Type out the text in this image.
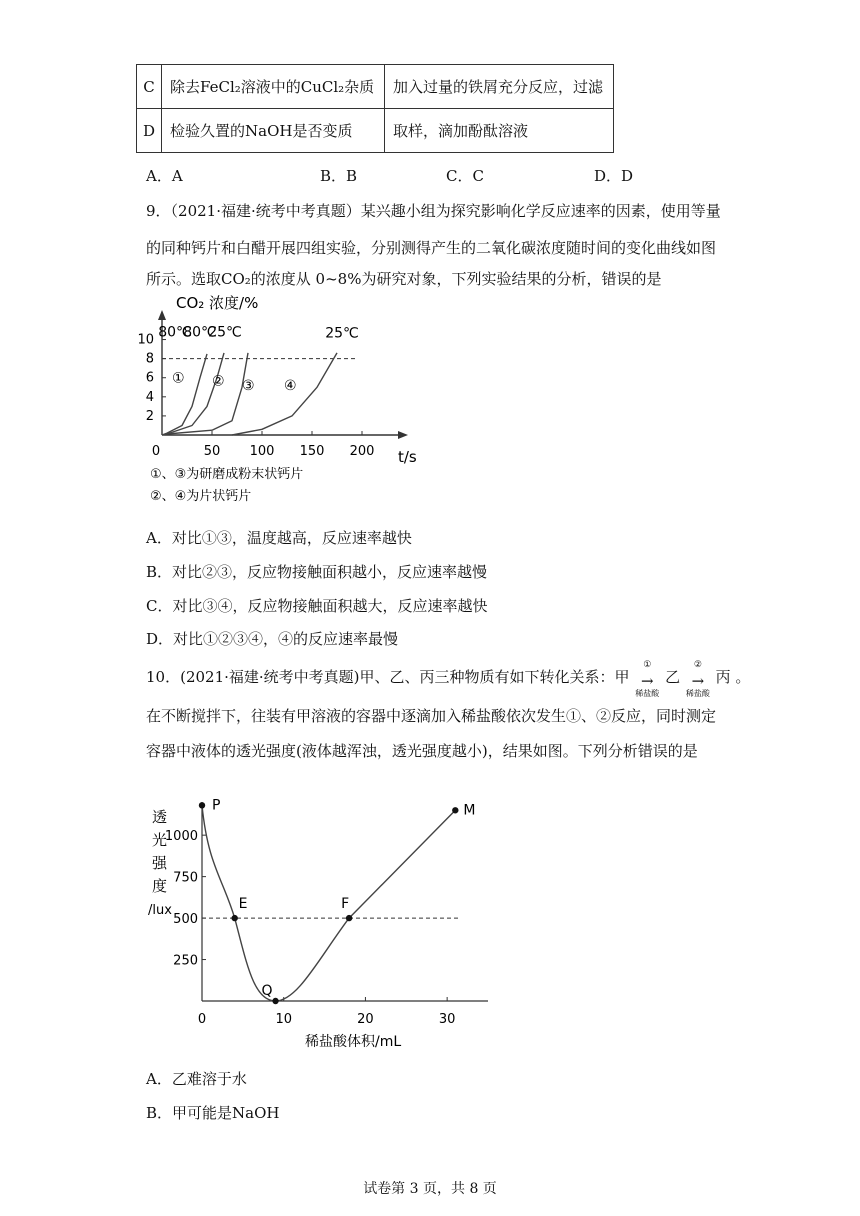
C	除去FeCl₂溶液中的CuCl₂杂质	加入过量的铁屑充分反应，过滤
D	检验久置的NaOH是否变质	取样，滴加酚酞溶液
A．A	B．B	C．C	D．D
9．（2021·福建·统考中考真题）某兴趣小组为探究影响化学反应速率的因素，使用等量
的同种钙片和白醋开展四组实验，分别测得产生的二氧化碳浓度随时间的变化曲线如图
所示。选取CO₂的浓度从 0~8%为研究对象，下列实验结果的分析，错误的是
CO₂ 浓度/%
t/s
①、③为研磨成粉末状钙片
②、④为片状钙片
0	50 100 150 200
2
4
6
8
10
①
80℃
②
80℃
③
25℃
④
25℃
A．对比①③，温度越高，反应速率越快
B．对比②③，反应物接触面积越小，反应速率越慢
C．对比③④，反应物接触面积越大，反应速率越快
D．对比①②③④，④的反应速率最慢
10．(2021·福建·统考中考真题)甲、乙、丙三种物质有如下转化关系：甲
①
→
稀盐酸
乙
②
→
稀盐酸
丙 。
在不断搅拌下，往装有甲溶液的容器中逐滴加入稀盐酸依次发生①、②反应，同时测定
容器中液体的透光强度(液体越浑浊，透光强度越小)，结果如图。下列分析错误的是
稀盐酸体积/mL
0	10	20	30
250
500
750
1000
透
光
强
度
/lux
P
E
Q
F
M
A．乙难溶于水
B．甲可能是NaOH
试卷第 3 页，共 8 页
